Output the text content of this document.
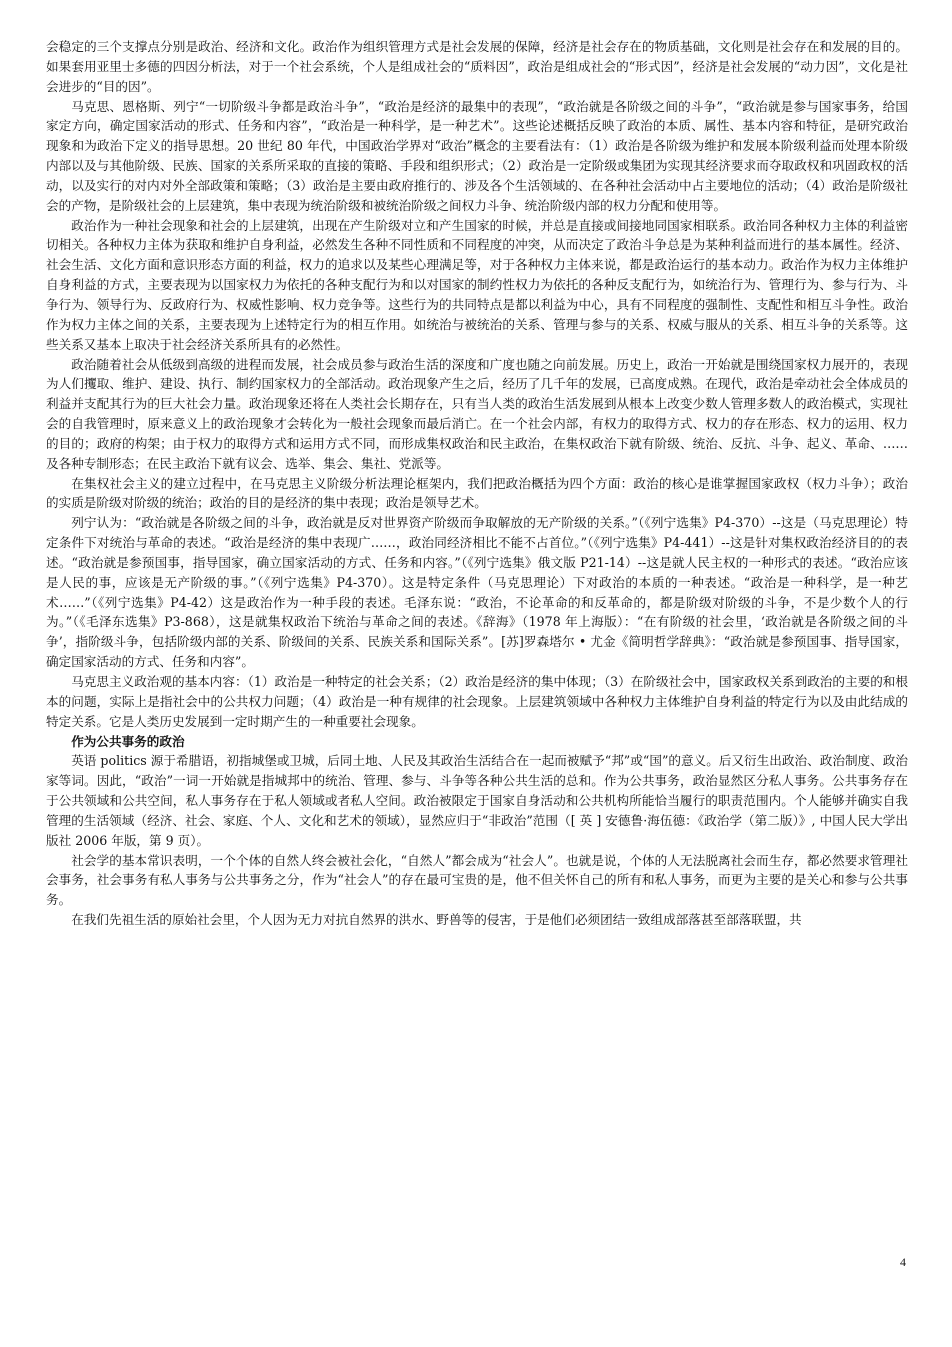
会稳定的三个支撑点分别是政治、经济和文化。政治作为组织管理方式是社会发展的保障，经济是社会存在的物质基础，文化则是社会存在和发展的目的。如果套用亚里士多德的四因分析法，对于一个社会系统，个人是组成社会的“质料因”，政治是组成社会的“形式因”，经济是社会发展的“动力因”，文化是社会进步的“目的因”。

马克思、恩格斯、列宁“一切阶级斗争都是政治斗争”，“政治是经济的最集中的表现”，“政治就是各阶级之间的斗争”，“政治就是参与国家事务，给国家定方向，确定国家活动的形式、任务和内容”，“政治是一种科学，是一种艺术”。这些论述概括反映了政治的本质、属性、基本内容和特征，是研究政治现象和为政治下定义的指导思想。20 世纪 80 年代，中国政治学界对“政治”概念的主要看法有：（1）政治是各阶级为维护和发展本阶级利益而处理本阶级内部以及与其他阶级、民族、国家的关系所采取的直接的策略、手段和组织形式；（2）政治是一定阶级或集团为实现其经济要求而夺取政权和巩固政权的活动，以及实行的对内对外全部政策和策略；（3）政治是主要由政府推行的、涉及各个生活领域的、在各种社会活动中占主要地位的活动；（4）政治是阶级社会的产物，是阶级社会的上层建筑，集中表现为统治阶级和被统治阶级之间权力斗争、统治阶级内部的权力分配和使用等。

政治作为一种社会现象和社会的上层建筑，出现在产生阶级对立和产生国家的时候，并总是直接或间接地同国家相联系。政治同各种权力主体的利益密切相关。各种权力主体为获取和维护自身利益，必然发生各种不同性质和不同程度的冲突，从而决定了政治斗争总是为某种利益而进行的基本属性。经济、社会生活、文化方面和意识形态方面的利益，权力的追求以及某些心理满足等，对于各种权力主体来说，都是政治运行的基本动力。政治作为权力主体维护自身利益的方式，主要表现为以国家权力为依托的各种支配行为和以对国家的制约性权力为依托的各种反支配行为，如统治行为、管理行为、参与行为、斗争行为、领导行为、反政府行为、权威性影响、权力竞争等。这些行为的共同特点是都以利益为中心，具有不同程度的强制性、支配性和相互斗争性。政治作为权力主体之间的关系，主要表现为上述特定行为的相互作用。如统治与被统治的关系、管理与参与的关系、权威与服从的关系、相互斗争的关系等。这些关系又基本上取决于社会经济关系所具有的必然性。

政治随着社会从低级到高级的进程而发展，社会成员参与政治生活的深度和广度也随之向前发展。历史上，政治一开始就是围绕国家权力展开的，表现为人们攫取、维护、建设、执行、制约国家权力的全部活动。政治现象产生之后，经历了几千年的发展，已高度成熟。在现代，政治是牵动社会全体成员的利益并支配其行为的巨大社会力量。政治现象还将在人类社会长期存在，只有当人类的政治生活发展到从根本上改变少数人管理多数人的政治模式，实现社会的自我管理时，原来意义上的政治现象才会转化为一般社会现象而最后消亡。在一个社会内部，有权力的取得方式、权力的存在形态、权力的运用、权力的目的；政府的构架；由于权力的取得方式和运用方式不同，而形成集权政治和民主政治，在集权政治下就有阶级、统治、反抗、斗争、起义、革命、……及各种专制形态；在民主政治下就有议会、选举、集会、集社、党派等。

在集权社会主义的建立过程中，在马克思主义阶级分析法理论框架内，我们把政治概括为四个方面：政治的核心是谁掌握国家政权（权力斗争）；政治的实质是阶级对阶级的统治；政治的目的是经济的集中表现；政治是领导艺术。

列宁认为：“政治就是各阶级之间的斗争，政治就是反对世界资产阶级而争取解放的无产阶级的关系。”（《列宁选集》P4-370）--这是（马克思理论）特定条件下对统治与革命的表述。“政治是经济的集中表现广……，政治同经济相比不能不占首位。”（《列宁选集》P4-441）--这是针对集权政治经济目的的表述。“政治就是参预国事，指导国家，确立国家活动的方式、任务和内容。”（《列宁选集》俄文版 P21-14）--这是就人民主权的一种形式的表述。“政治应该是人民的事，应该是无产阶级的事。”（《列宁选集》P4-370）。这是特定条件（马克思理论）下对政治的本质的一种表述。“政治是一种科学，是一种艺术……”（《列宁选集》P4-42）这是政治作为一种手段的表述。毛泽东说：“政治，不论革命的和反革命的，都是阶级对阶级的斗争，不是少数个人的行为。”（《毛泽东选集》P3-868），这是就集权政治下统治与革命之间的表述。《辞海》（1978 年上海版）：“在有阶级的社会里，‘政治就是各阶级之间的斗争’，指阶级斗争，包括阶级内部的关系、阶级间的关系、民族关系和国际关系”。[苏]罗森塔尔 • 尤金《简明哲学辞典》：“政治就是参预国事、指导国家，确定国家活动的方式、任务和内容”。

马克思主义政治观的基本内容：（1）政治是一种特定的社会关系；（2）政治是经济的集中体现；（3）在阶级社会中，国家政权关系到政治的主要的和根本的问题，实际上是指社会中的公共权力问题；（4）政治是一种有规律的社会现象。上层建筑领域中各种权力主体维护自身利益的特定行为以及由此结成的特定关系。它是人类历史发展到一定时期产生的一种重要社会现象。

作为公共事务的政治

英语 politics 源于希腊语，初指城堡或卫城，后同土地、人民及其政治生活结合在一起而被赋予“邦”或“国”的意义。后又衍生出政治、政治制度、政治家等词。因此，“政治”一词一开始就是指城邦中的统治、管理、参与、斗争等各种公共生活的总和。作为公共事务，政治显然区分私人事务。公共事务存在于公共领域和公共空间，私人事务存在于私人领域或者私人空间。政治被限定于国家自身活动和公共机构所能恰当履行的职责范围内。个人能够并确实自我管理的生活领域（经济、社会、家庭、个人、文化和艺术的领域），显然应归于“非政治”范围（[ 英 ] 安德鲁·海伍德：《政治学（第二版）》, 中国人民大学出版社 2006 年版，第 9 页）。

社会学的基本常识表明，一个个体的自然人终会被社会化，“自然人”都会成为“社会人”。也就是说，个体的人无法脱离社会而生存，都必然要求管理社会事务，社会事务有私人事务与公共事务之分，作为“社会人”的存在最可宝贵的是，他不但关怀自己的所有和私人事务，而更为主要的是关心和参与公共事务。

在我们先祖生活的原始社会里，个人因为无力对抗自然界的洪水、野兽等的侵害，于是他们必须团结一致组成部落甚至部落联盟，共

4
